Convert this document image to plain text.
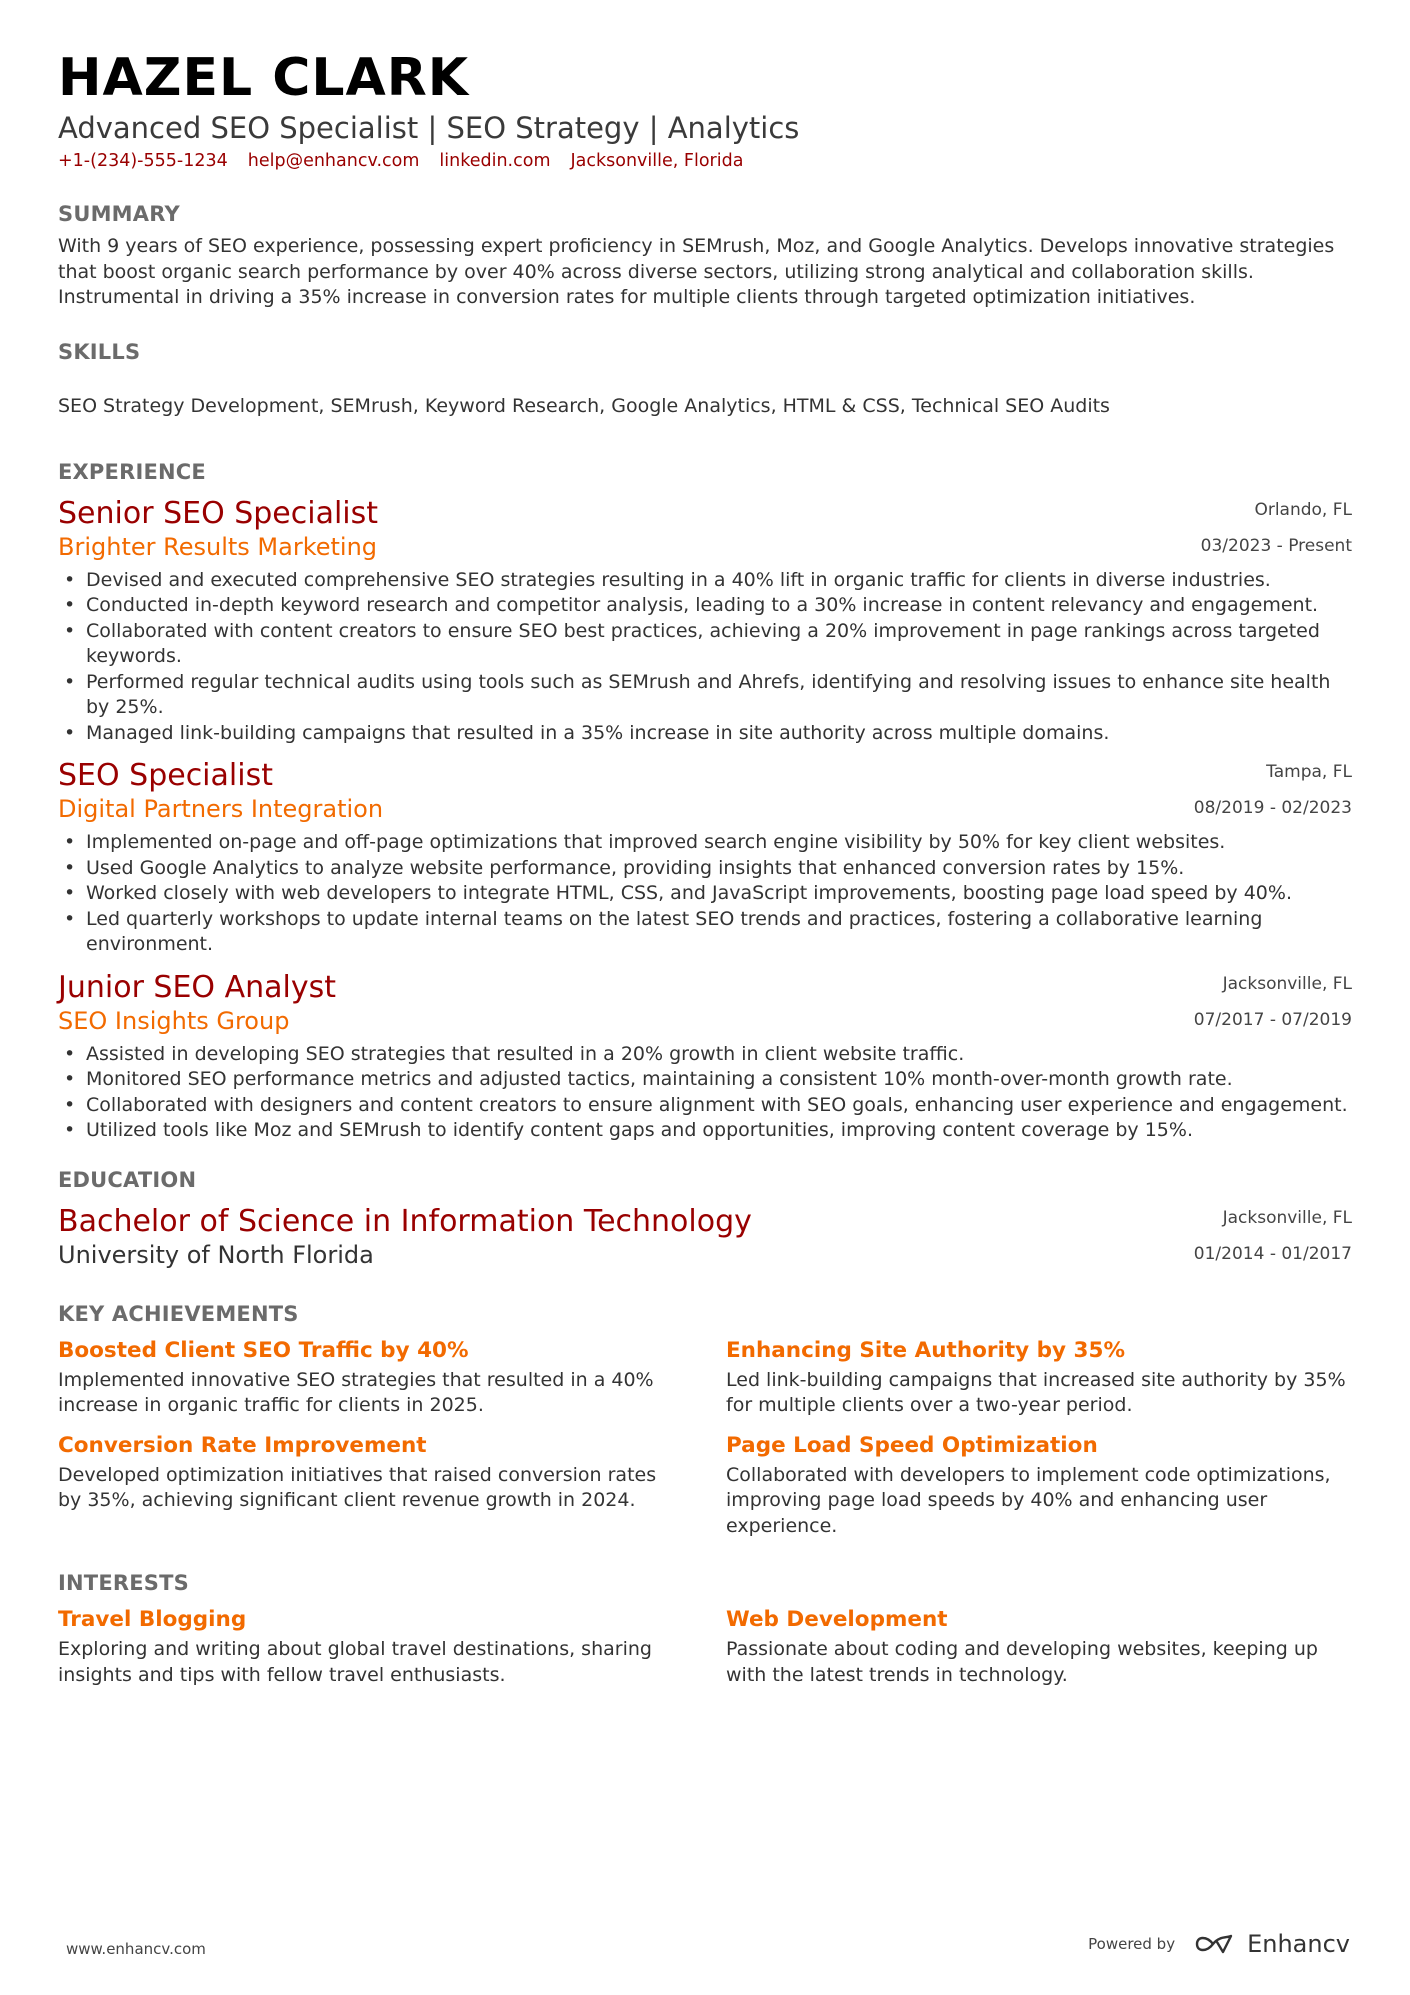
HAZEL CLARK
Advanced SEO Specialist | SEO Strategy | Analytics
+1-(234)-555-1234 help@enhancv.com linkedin.com Jacksonville, Florida
SUMMARY
With 9 years of SEO experience, possessing expert proficiency in SEMrush, Moz, and Google Analytics. Develops innovative strategies that boost organic search performance by over 40% across diverse sectors, utilizing strong analytical and collaboration skills. Instrumental in driving a 35% increase in conversion rates for multiple clients through targeted optimization initiatives.
SKILLS
SEO Strategy Development, SEMrush, Keyword Research, Google Analytics, HTML & CSS, Technical SEO Audits
EXPERIENCE
Senior SEO Specialist
Brighter Results Marketing
Orlando, FL
03/2023 - Present
• Devised and executed comprehensive SEO strategies resulting in a 40% lift in organic traffic for clients in diverse industries.
• Conducted in-depth keyword research and competitor analysis, leading to a 30% increase in content relevancy and engagement.
• Collaborated with content creators to ensure SEO best practices, achieving a 20% improvement in page rankings across targeted keywords.
• Performed regular technical audits using tools such as SEMrush and Ahrefs, identifying and resolving issues to enhance site health by 25%.
• Managed link-building campaigns that resulted in a 35% increase in site authority across multiple domains.
SEO Specialist
Digital Partners Integration
Tampa, FL
08/2019 - 02/2023
• Implemented on-page and off-page optimizations that improved search engine visibility by 50% for key client websites.
• Used Google Analytics to analyze website performance, providing insights that enhanced conversion rates by 15%.
• Worked closely with web developers to integrate HTML, CSS, and JavaScript improvements, boosting page load speed by 40%.
• Led quarterly workshops to update internal teams on the latest SEO trends and practices, fostering a collaborative learning environment.
Junior SEO Analyst
SEO Insights Group
Jacksonville, FL
07/2017 - 07/2019
• Assisted in developing SEO strategies that resulted in a 20% growth in client website traffic.
• Monitored SEO performance metrics and adjusted tactics, maintaining a consistent 10% month-over-month growth rate.
• Collaborated with designers and content creators to ensure alignment with SEO goals, enhancing user experience and engagement.
• Utilized tools like Moz and SEMrush to identify content gaps and opportunities, improving content coverage by 15%.
EDUCATION
Bachelor of Science in Information Technology
University of North Florida
Jacksonville, FL
01/2014 - 01/2017
KEY ACHIEVEMENTS
Boosted Client SEO Traffic by 40%
Implemented innovative SEO strategies that resulted in a 40% increase in organic traffic for clients in 2025.
Enhancing Site Authority by 35%
Led link-building campaigns that increased site authority by 35% for multiple clients over a two-year period.
Conversion Rate Improvement
Developed optimization initiatives that raised conversion rates by 35%, achieving significant client revenue growth in 2024.
Page Load Speed Optimization
Collaborated with developers to implement code optimizations, improving page load speeds by 40% and enhancing user experience.
INTERESTS
Travel Blogging
Exploring and writing about global travel destinations, sharing insights and tips with fellow travel enthusiasts.
Web Development
Passionate about coding and developing websites, keeping up with the latest trends in technology.
www.enhancv.com	Powered by	Enhancv
